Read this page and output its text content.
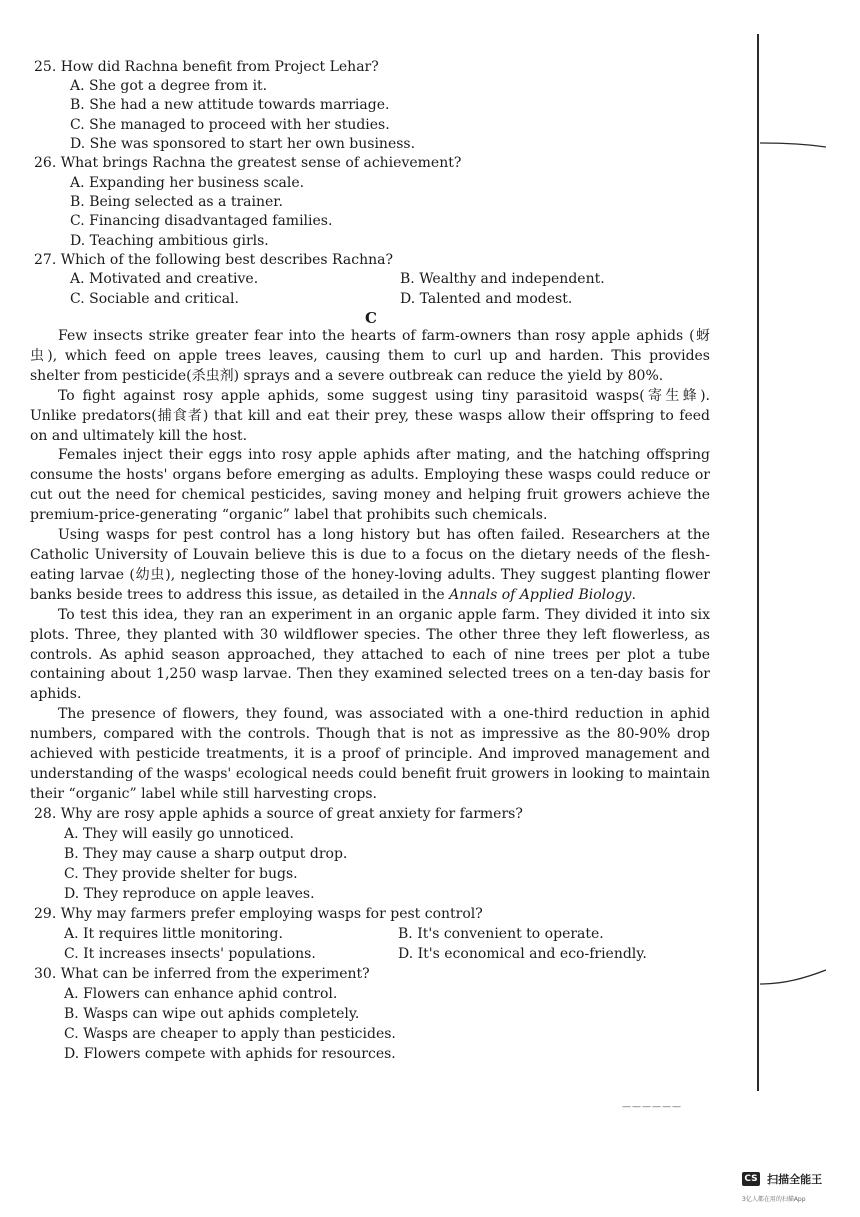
25. How did Rachna benefit from Project Lehar?
A. She got a degree from it.
B. She had a new attitude towards marriage.
C. She managed to proceed with her studies.
D. She was sponsored to start her own business.
26. What brings Rachna the greatest sense of achievement?
A. Expanding her business scale.
B. Being selected as a trainer.
C. Financing disadvantaged families.
D. Teaching ambitious girls.
27. Which of the following best describes Rachna?
A. Motivated and creative.	B. Wealthy and independent.
C. Sociable and critical.	D. Talented and modest.
C

Few insects strike greater fear into the hearts of farm-owners than rosy apple aphids (蚜虫), which feed on apple trees leaves, causing them to curl up and harden. This provides shelter from pesticide(杀虫剂) sprays and a severe outbreak can reduce the yield by 80%.

To fight against rosy apple aphids, some suggest using tiny parasitoid wasps(寄生蜂). Unlike predators(捕食者) that kill and eat their prey, these wasps allow their offspring to feed on and ultimately kill the host.

Females inject their eggs into rosy apple aphids after mating, and the hatching offspring consume the hosts' organs before emerging as adults. Employing these wasps could reduce or cut out the need for chemical pesticides, saving money and helping fruit growers achieve the premium-price-generating “organic” label that prohibits such chemicals.

Using wasps for pest control has a long history but has often failed. Researchers at the Catholic University of Louvain believe this is due to a focus on the dietary needs of the flesh-eating larvae (幼虫), neglecting those of the honey-loving adults. They suggest planting flower banks beside trees to address this issue, as detailed in the Annals of Applied Biology.

To test this idea, they ran an experiment in an organic apple farm. They divided it into six plots. Three, they planted with 30 wildflower species. The other three they left flowerless, as controls. As aphid season approached, they attached to each of nine trees per plot a tube containing about 1,250 wasp larvae. Then they examined selected trees on a ten-day basis for aphids.

The presence of flowers, they found, was associated with a one-third reduction in aphid numbers, compared with the controls. Though that is not as impressive as the 80-90% drop achieved with pesticide treatments, it is a proof of principle. And improved management and understanding of the wasps' ecological needs could benefit fruit growers in looking to maintain their “organic” label while still harvesting crops.

28. Why are rosy apple aphids a source of great anxiety for farmers?
A. They will easily go unnoticed.
B. They may cause a sharp output drop.
C. They provide shelter for bugs.
D. They reproduce on apple leaves.
29. Why may farmers prefer employing wasps for pest control?
A. It requires little monitoring.	B. It's convenient to operate.
C. It increases insects' populations.	D. It's economical and eco-friendly.
30. What can be inferred from the experiment?
A. Flowers can enhance aphid control.
B. Wasps can wipe out aphids completely.
C. Wasps are cheaper to apply than pesticides.
D. Flowers compete with aphids for resources.
——————
CS 扫描全能王
3亿人都在用的扫描App
